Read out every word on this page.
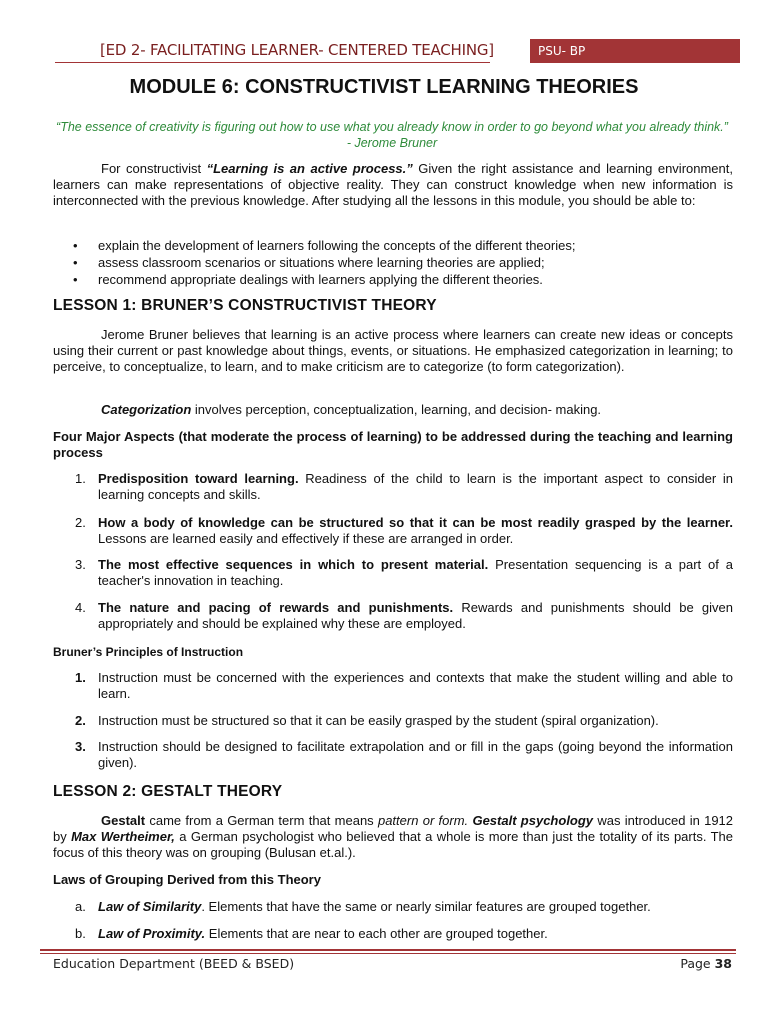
[ED 2- FACILITATING LEARNER- CENTERED TEACHING]	PSU- BP
MODULE 6: CONSTRUCTIVIST LEARNING THEORIES
“The essence of creativity is figuring out how to use what you already know in order to go beyond what you already think.” - Jerome Bruner

For constructivist “Learning is an active process.” Given the right assistance and learning environment, learners can make representations of objective reality. They can construct knowledge when new information is interconnected with the previous knowledge. After studying all the lessons in this module, you should be able to:

• explain the development of learners following the concepts of the different theories;
• assess classroom scenarios or situations where learning theories are applied;
• recommend appropriate dealings with learners applying the different theories.
LESSON 1: BRUNER’S CONSTRUCTIVIST THEORY

Jerome Bruner believes that learning is an active process where learners can create new ideas or concepts using their current or past knowledge about things, events, or situations. He emphasized categorization in learning; to perceive, to conceptualize, to learn, and to make criticism are to categorize (to form categorization).

Categorization involves perception, conceptualization, learning, and decision- making.

Four Major Aspects (that moderate the process of learning) to be addressed during the teaching and learning process

1. Predisposition toward learning. Readiness of the child to learn is the important aspect to consider in learning concepts and skills.
2. How a body of knowledge can be structured so that it can be most readily grasped by the learner. Lessons are learned easily and effectively if these are arranged in order.
3. The most effective sequences in which to present material. Presentation sequencing is a part of a teacher's innovation in teaching.
4. The nature and pacing of rewards and punishments. Rewards and punishments should be given appropriately and should be explained why these are employed.

Bruner’s Principles of Instruction

1. Instruction must be concerned with the experiences and contexts that make the student willing and able to learn.
2. Instruction must be structured so that it can be easily grasped by the student (spiral organization).
3. Instruction should be designed to facilitate extrapolation and or fill in the gaps (going beyond the information given).
LESSON 2: GESTALT THEORY

Gestalt came from a German term that means pattern or form. Gestalt psychology was introduced in 1912 by Max Wertheimer, a German psychologist who believed that a whole is more than just the totality of its parts. The focus of this theory was on grouping (Bulusan et.al.).

Laws of Grouping Derived from this Theory

a. Law of Similarity. Elements that have the same or nearly similar features are grouped together.
b. Law of Proximity. Elements that are near to each other are grouped together.
Education Department (BEED & BSED)	Page 38
